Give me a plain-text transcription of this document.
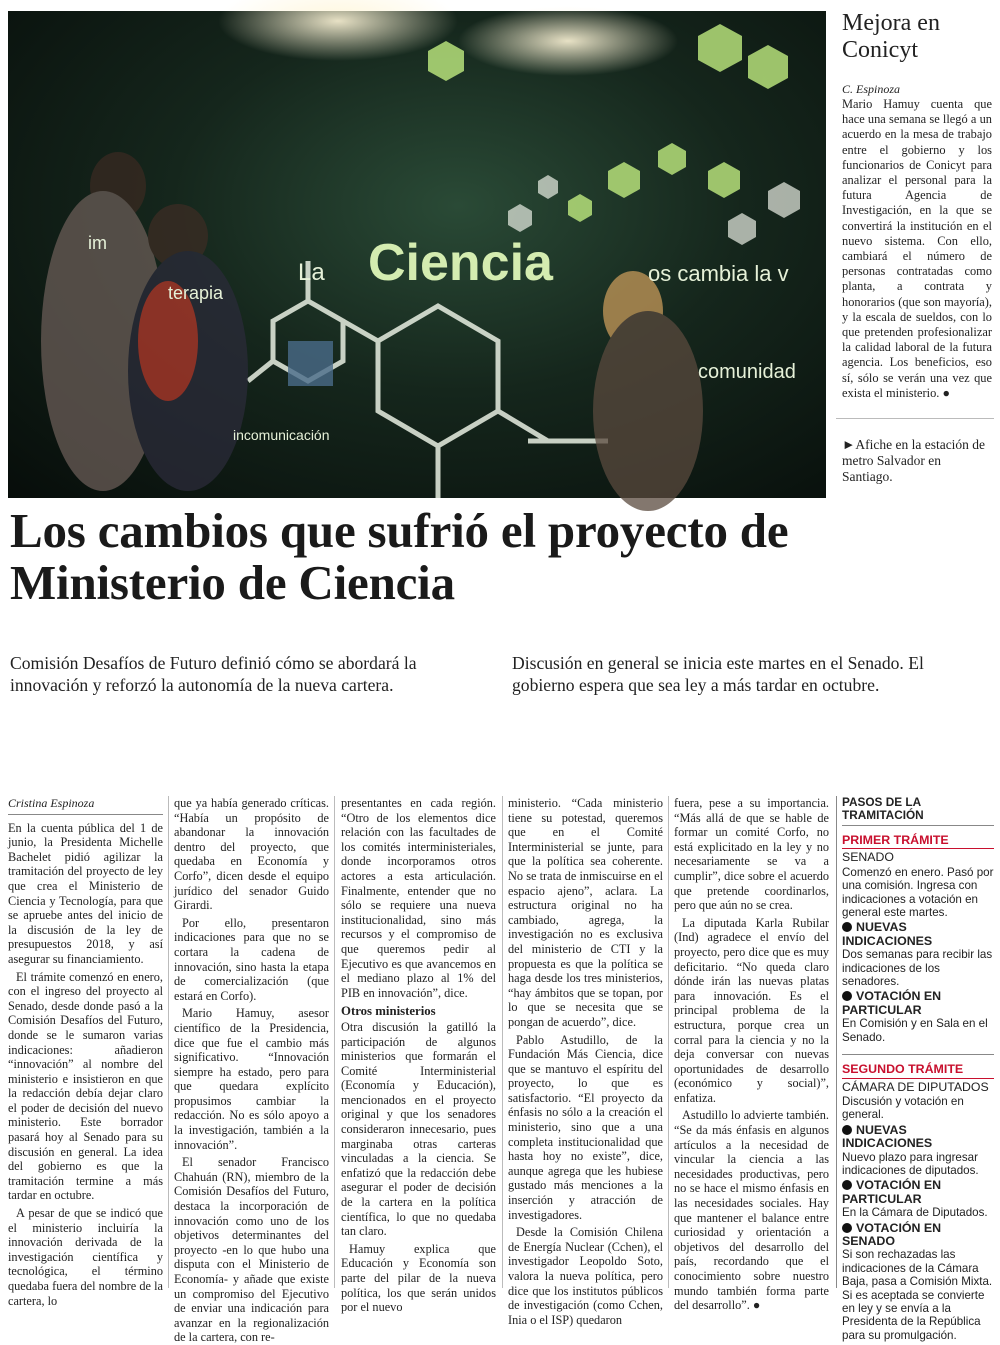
La Ciencia	os cambia la v
terapia
im
comunidad
incomunicación
Mejora en Conicyt
C. Espinoza
Mario Hamuy cuenta que hace una semana se llegó a un acuerdo en la mesa de trabajo entre el gobierno y los funcionarios de Conicyt para analizar el personal para la futura Agencia de Investigación, en la que se convertirá la institución en el nuevo sistema. Con ello, cambiará el número de personas contratadas como planta, a contrata y honorarios (que son mayoría), y la escala de sueldos, con lo que pretenden profesionalizar la calidad laboral de la futura agencia. Los beneficios, eso sí, sólo se verán una vez que exista el ministerio. ●
►Afiche en la estación de metro Salvador en Santiago.
Los cambios que sufrió el proyecto de Ministerio de Ciencia
Comisión Desafíos de Futuro definió cómo se abordará la innovación y reforzó la autonomía de la nueva cartera.
Discusión en general se inicia este martes en el Senado. El gobierno espera que sea ley a más tardar en octubre.
Cristina Espinoza

En la cuenta pública del 1 de junio, la Presidenta Michelle Bachelet pidió agilizar la tramitación del proyecto de ley que crea el Ministerio de Ciencia y Tecnología, para que se apruebe antes del inicio de la discusión de la ley de presupuestos 2018, y así asegurar su financiamiento.

El trámite comenzó en enero, con el ingreso del proyecto al Senado, desde donde pasó a la Comisión Desafíos del Futuro, donde se le sumaron varias indicaciones: añadieron “innovación” al nombre del ministerio e insistieron en que la redacción debía dejar claro el poder de decisión del nuevo ministerio. Este borrador pasará hoy al Senado para su discusión en general. La idea del gobierno es que la tramitación termine a más tardar en octubre.

A pesar de que se indicó que el ministerio incluiría la innovación derivada de la investigación científica y tecnológica, el término quedaba fuera del nombre de la cartera, lo

que ya había generado críticas. “Había un propósito de abandonar la innovación dentro del proyecto, que quedaba en Economía y Corfo”, dicen desde el equipo jurídico del senador Guido Girardi.

Por ello, presentaron indicaciones para que no se cortara la cadena de innovación, sino hasta la etapa de comercialización (que estará en Corfo).

Mario Hamuy, asesor científico de la Presidencia, dice que fue el cambio más significativo. “Innovación siempre ha estado, pero para que quedara explícito propusimos cambiar la redacción. No es sólo apoyo a la investigación, también a la innovación”.

El senador Francisco Chahuán (RN), miembro de la Comisión Desafíos del Futuro, destaca la incorporación de innovación como uno de los objetivos determinantes del proyecto -en lo que hubo una disputa con el Ministerio de Economía- y añade que existe un compromiso del Ejecutivo de enviar una indicación para avanzar en la regionalización de la cartera, con re-

presentantes en cada región. “Otro de los elementos dice relación con las facultades de los comités interministeriales, donde incorporamos otros actores a esta articulación. Finalmente, entender que no sólo se requiere una nueva institucionalidad, sino más recursos y el compromiso de que queremos pedir al Ejecutivo es que avancemos en el mediano plazo al 1% del PIB en innovación”, dice.

Otros ministerios

Otra discusión la gatilló la participación de algunos ministerios que formarán el Comité Interministerial (Economía y Educación), mencionados en el proyecto original y que los senadores consideraron innecesario, pues marginaba otras carteras vinculadas a la ciencia. Se enfatizó que la redacción debe asegurar el poder de decisión de la cartera en la política científica, lo que no quedaba tan claro.

Hamuy explica que Educación y Economía son parte del pilar de la nueva política, los que serán unidos por el nuevo

ministerio. “Cada ministerio tiene su potestad, queremos que en el Comité Interministerial se junte, para que la política sea coherente. No se trata de inmiscuirse en el espacio ajeno”, aclara. La estructura original no ha cambiado, agrega, la investigación no es exclusiva del ministerio de CTI y la propuesta es que la política se haga desde los tres ministerios, “hay ámbitos que se topan, por lo que se necesita que se pongan de acuerdo”, dice.

Pablo Astudillo, de la Fundación Más Ciencia, dice que se mantuvo el espíritu del proyecto, lo que es satisfactorio. “El proyecto da énfasis no sólo a la creación el ministerio, sino que a una completa institucionalidad que hasta hoy no existe”, dice, aunque agrega que les hubiese gustado más menciones a la inserción y atracción de investigadores.

Desde la Comisión Chilena de Energía Nuclear (Cchen), el investigador Leopoldo Soto, valora la nueva política, pero dice que los institutos públicos de investigación (como Cchen, Inia o el ISP) quedaron

fuera, pese a su importancia. “Más allá de que se hable de formar un comité Corfo, no está explicitado en la ley y no necesariamente se va a cumplir”, dice sobre el acuerdo que pretende coordinarlos, pero que aún no se crea.

La diputada Karla Rubilar (Ind) agradece el envío del proyecto, pero dice que es muy deficitario. “No queda claro dónde irán las nuevas platas para innovación. Es el principal problema de la estructura, porque crea un corral para la ciencia y no la deja conversar con nuevas oportunidades de desarrollo (económico y social)”, enfatiza.

Astudillo lo advierte también. “Se da más énfasis en algunos artículos a la necesidad de vincular la ciencia a las necesidades productivas, pero no se hace el mismo énfasis en las necesidades sociales. Hay que mantener el balance entre curiosidad y orientación a objetivos del desarrollo del país, recordando que el conocimiento sobre nuestro mundo también forma parte del desarrollo”. ●

PASOS DE LA TRAMITACIÓN
PRIMER TRÁMITE
SENADO
Comenzó en enero. Pasó por una comisión. Ingresa con indicaciones a votación en general este martes.
NUEVAS INDICACIONES
Dos semanas para recibir las indicaciones de los senadores.
VOTACIÓN EN PARTICULAR
En Comisión y en Sala en el Senado.
SEGUNDO TRÁMITE
CÁMARA DE DIPUTADOS
Discusión y votación en general.
NUEVAS INDICACIONES
Nuevo plazo para ingresar indicaciones de diputados.
VOTACIÓN EN PARTICULAR
En la Cámara de Diputados.
VOTACIÓN EN SENADO
Si son rechazadas las indicaciones de la Cámara Baja, pasa a Comisión Mixta. Si es aceptada se convierte en ley y se envía a la Presidenta de la República para su promulgación.
